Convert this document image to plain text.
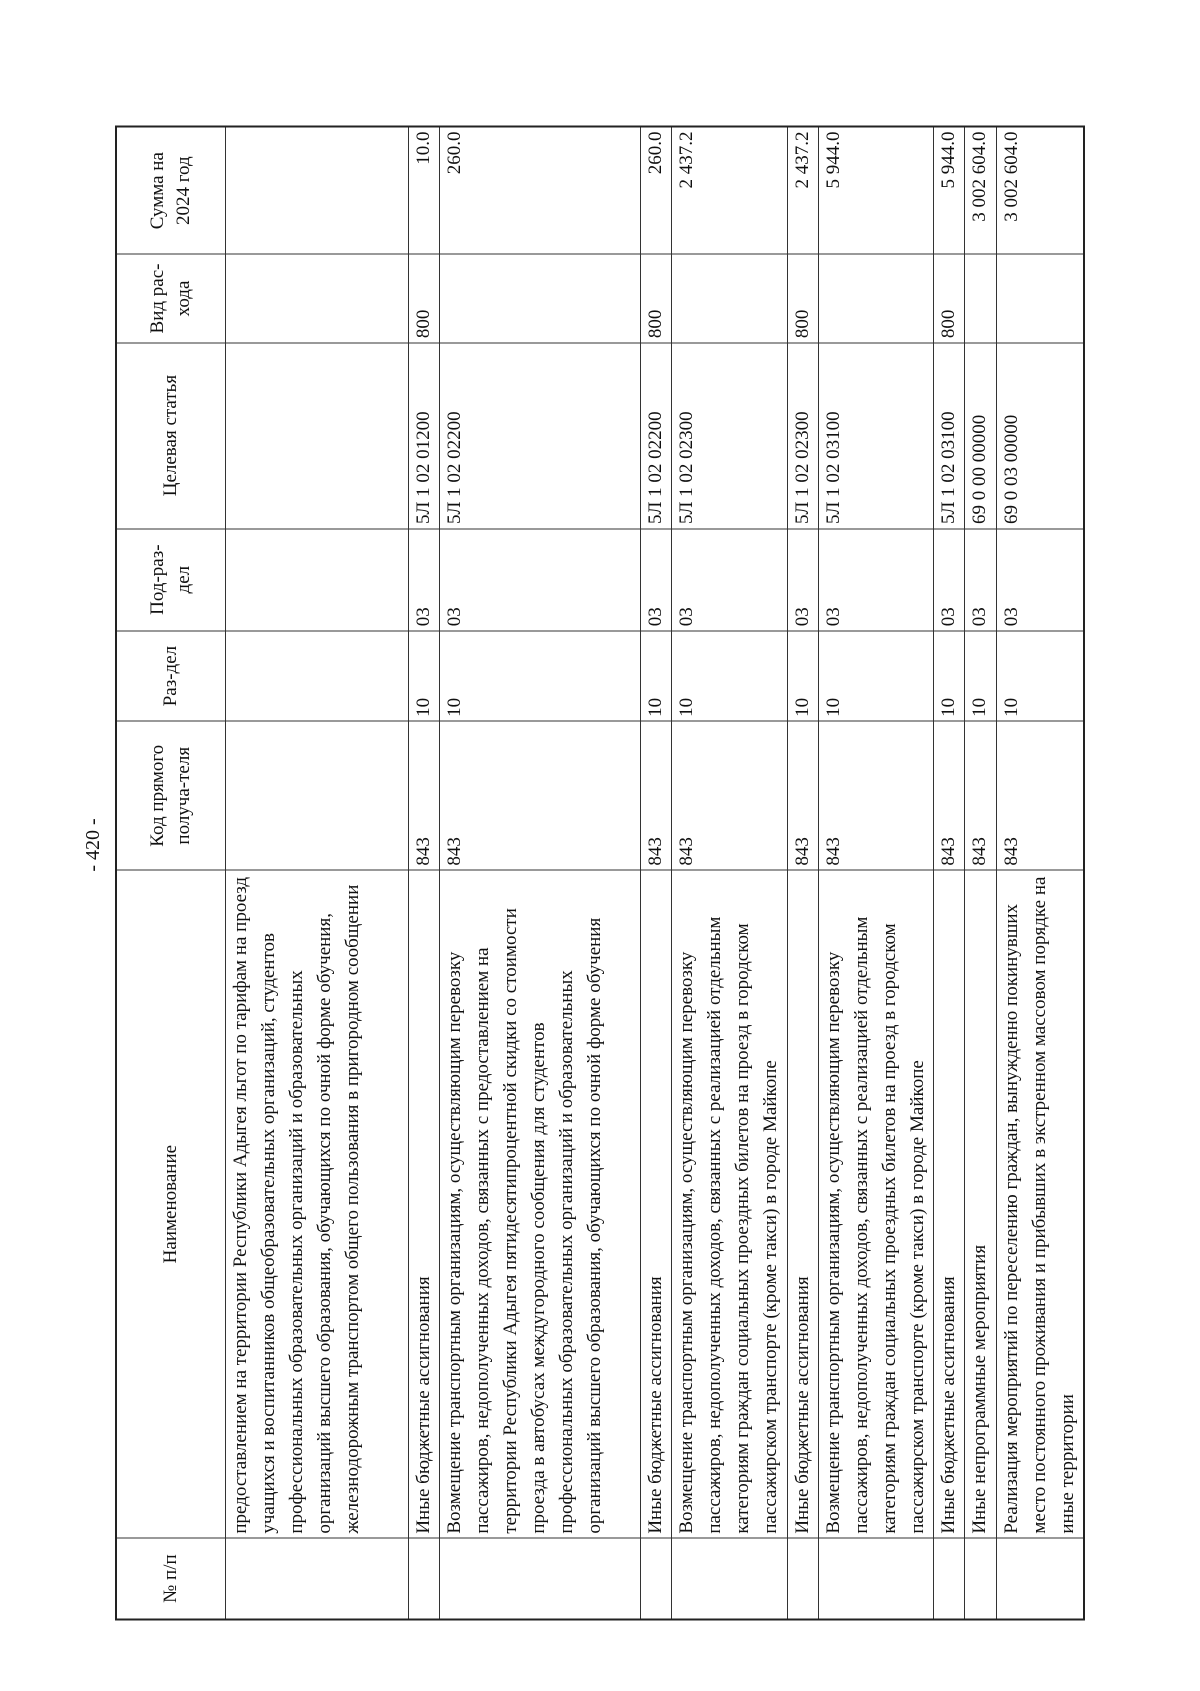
- 420 -
№ п/п	Наименование	Код прямого получа-теля	Раз-дел	Под-раз-дел	Целевая статья	Вид рас-хода	Сумма на 2024 год
	предоставлением на территории Республики Адыгея льгот по тарифам на проезд учащихся и воспитанников общеобразовательных организаций, студентов профессиональных образовательных организаций и образовательных организаций высшего образования, обучающихся по очной форме обучения, железнодорожным транспортом общего пользования в пригородном сообщении						
	Иные бюджетные ассигнования	843	10	03	5Л 1 02 01200	800	10.0
	Возмещение транспортным организациям, осуществляющим перевозку пассажиров, недополученных доходов, связанных с предоставлением на территории Республики Адыгея пятидесятипроцентной скидки со стоимости проезда в автобусах междугородного сообщения для студентов профессиональных образовательных организаций и образовательных организаций высшего образования, обучающихся по очной форме обучения	843	10	03	5Л 1 02 02200		260.0
	Иные бюджетные ассигнования	843	10	03	5Л 1 02 02200	800	260.0
	Возмещение транспортным организациям, осуществляющим перевозку пассажиров, недополученных доходов, связанных с реализацией отдельным категориям граждан социальных проездных билетов на проезд в городском пассажирском транспорте (кроме такси) в городе Майкопе	843	10	03	5Л 1 02 02300		2 437.2
	Иные бюджетные ассигнования	843	10	03	5Л 1 02 02300	800	2 437.2
	Возмещение транспортным организациям, осуществляющим перевозку пассажиров, недополученных доходов, связанных с реализацией отдельным категориям граждан социальных проездных билетов на проезд в городском пассажирском транспорте (кроме такси) в городе Майкопе	843	10	03	5Л 1 02 03100		5 944.0
	Иные бюджетные ассигнования	843	10	03	5Л 1 02 03100	800	5 944.0
	Иные непрограммные мероприятия	843	10	03	69 0 00 00000		3 002 604.0
	Реализация мероприятий по переселению граждан, вынужденно покинувших место постоянного проживания и прибывших в экстренном массовом порядке на иные территории	843	10	03	69 0 03 00000		3 002 604.0
